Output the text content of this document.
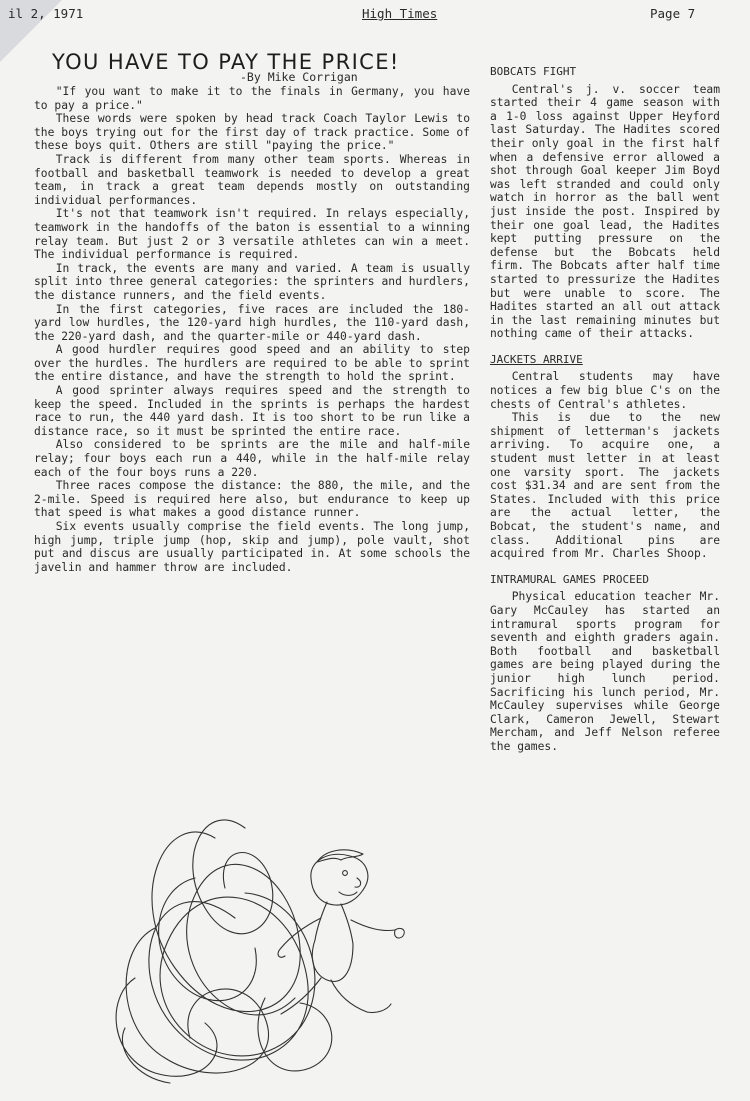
il 2, 1971	High Times	Page 7
YOU HAVE TO PAY THE PRICE!
-By Mike Corrigan

"If you want to make it to the finals in Germany, you have to pay a price."

These words were spoken by head track Coach Taylor Lewis to the boys trying out for the first day of track practice. Some of these boys quit. Others are still "paying the price."

Track is different from many other team sports. Whereas in football and basketball teamwork is needed to develop a great team, in track a great team depends mostly on outstanding individual performances.

It's not that teamwork isn't required. In relays especially, teamwork in the handoffs of the baton is essential to a winning relay team. But just 2 or 3 versatile athletes can win a meet. The individual performance is required.

In track, the events are many and varied. A team is usually split into three general categories: the sprinters and hurdlers, the distance runners, and the field events.

In the first categories, five races are included the 180-yard low hurdles, the 120-yard high hurdles, the 110-yard dash, the 220-yard dash, and the quarter-mile or 440-yard dash.

A good hurdler requires good speed and an ability to step over the hurdles. The hurdlers are required to be able to sprint the entire distance, and have the strength to hold the sprint.

A good sprinter always requires speed and the strength to keep the speed. Included in the sprints is perhaps the hardest race to run, the 440 yard dash. It is too short to be run like a distance race, so it must be sprinted the entire race.

Also considered to be sprints are the mile and half-mile relay; four boys each run a 440, while in the half-mile relay each of the four boys runs a 220.

Three races compose the distance: the 880, the mile, and the 2-mile. Speed is required here also, but endurance to keep up that speed is what makes a good distance runner.

Six events usually comprise the field events. The long jump, high jump, triple jump (hop, skip and jump), pole vault, shot put and discus are usually participated in. At some schools the javelin and hammer throw are included.

BOBCATS FIGHT

Central's j. v. soccer team started their 4 game season with a 1-0 loss against Upper Heyford last Saturday. The Hadites scored their only goal in the first half when a defensive error allowed a shot through Goal keeper Jim Boyd was left stranded and could only watch in horror as the ball went just inside the post. Inspired by their one goal lead, the Hadites kept putting pressure on the defense but the Bobcats held firm. The Bobcats after half time started to pressurize the Hadites but were unable to score. The Hadites started an all out attack in the last remaining minutes but nothing came of their attacks.

JACKETS ARRIVE

Central students may have notices a few big blue C's on the chests of Central's athletes.

This is due to the new shipment of letterman's jackets arriving. To acquire one, a student must letter in at least one varsity sport. The jackets cost $31.34 and are sent from the States. Included with this price are the actual letter, the Bobcat, the student's name, and class. Additional pins are acquired from Mr. Charles Shoop.

INTRAMURAL GAMES PROCEED

Physical education teacher Mr. Gary McCauley has started an intramural sports program for seventh and eighth graders again. Both football and basketball games are being played during the junior high lunch period. Sacrificing his lunch period, Mr. McCauley supervises while George Clark, Cameron Jewell, Stewart Mercham, and Jeff Nelson referee the games.
